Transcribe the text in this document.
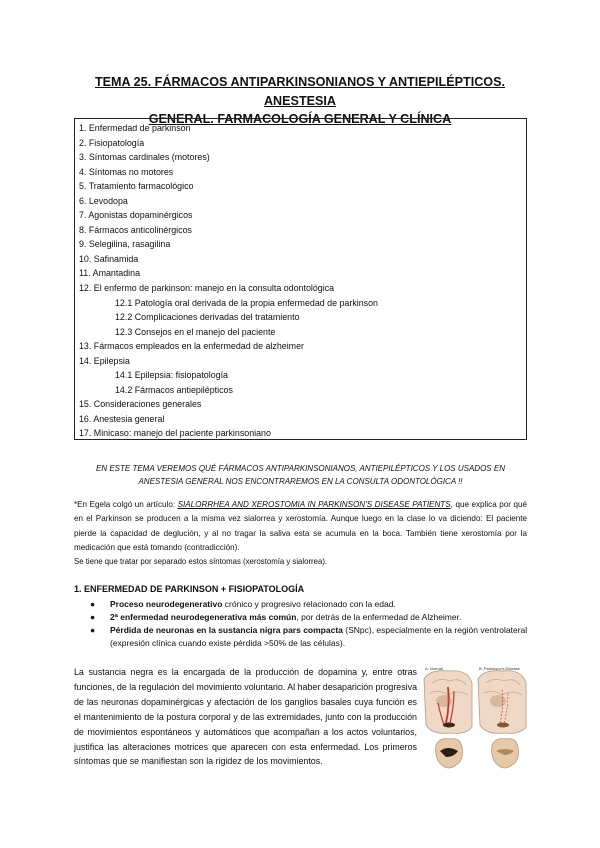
TEMA 25. FÁRMACOS ANTIPARKINSONIANOS Y ANTIEPILÉPTICOS. ANESTESIA
GENERAL. FARMACOLOGÍA GENERAL Y CLÍNICA
1. Enfermedad de parkinson
2. Fisiopatología
3. Síntomas cardinales (motores)
4. Síntomas no motores
5. Tratamiento farmacológico
6. Levodopa
7. Agonistas dopaminérgicos
8. Fármacos anticolinérgicos
9. Selegilina, rasagilina
10. Safinamida
11. Amantadina
12. El enfermo de parkinson: manejo en la consulta odontológica
12.1 Patología oral derivada de la propia enfermedad de parkinson
12.2 Complicaciones derivadas del tratamiento
12.3 Consejos en el manejo del paciente
13. Fármacos empleados en la enfermedad de alzheimer
14. Epilepsia
14.1 Epilepsia: fisiopatología
14.2 Fármacos antiepilépticos
15. Consideraciones generales
16. Anestesia general
17. Minicaso: manejo del paciente parkinsoniano
EN ESTE TEMA VEREMOS QUÉ FÁRMACOS ANTIPARKINSONIANOS, ANTIEPILÉPTICOS Y LOS USADOS EN ANESTESIA GENERAL NOS ENCONTRAREMOS EN LA CONSULTA ODONTOLÓGICA !!
*En Egela colgó un artículo: SIALORRHEA AND XEROSTOMIA IN PARKINSON'S DISEASE PATIENTS, que explica por qué en el Parkinson se producen a la misma vez sialorrea y xerostomía. Aunque luego en la clase lo va diciendo: El paciente pierde la capacidad de deglución, y al no tragar la saliva esta se acumula en la boca. También tiene xerostomía por la medicación que está tomando (contradicción).
Se tiene que tratar por separado estos síntomas (xerostomía y sialorrea).
1. ENFERMEDAD DE PARKINSON + FISIOPATOLOGÍA
● Proceso neurodegenerativo crónico y progresivo relacionado con la edad.
● 2ª enfermedad neurodegenerativa más común, por detrás de la enfermedad de Alzheimer.
● Pérdida de neuronas en la sustancia nigra pars compacta (SNpc), especialmente en la región ventrolateral (expresión clínica cuando existe pérdida >50% de las células).
La sustancia negra es la encargada de la producción de dopamina y, entre otras funciones, de la regulación del movimiento voluntario. Al haber desaparición progresiva de las neuronas dopaminérgicas y afectación de los ganglios basales cuya función es el mantenimiento de la postura corporal y de las extremidades, junto con la producción de movimientos espontáneos y automáticos que acompañan a los actos voluntarios, justifica las alteraciones motrices que aparecen con esta enfermedad. Los primeros síntomas que se manifiestan son la rigidez de los movimientos.
A. Normal	B. Parkinson's Disease
